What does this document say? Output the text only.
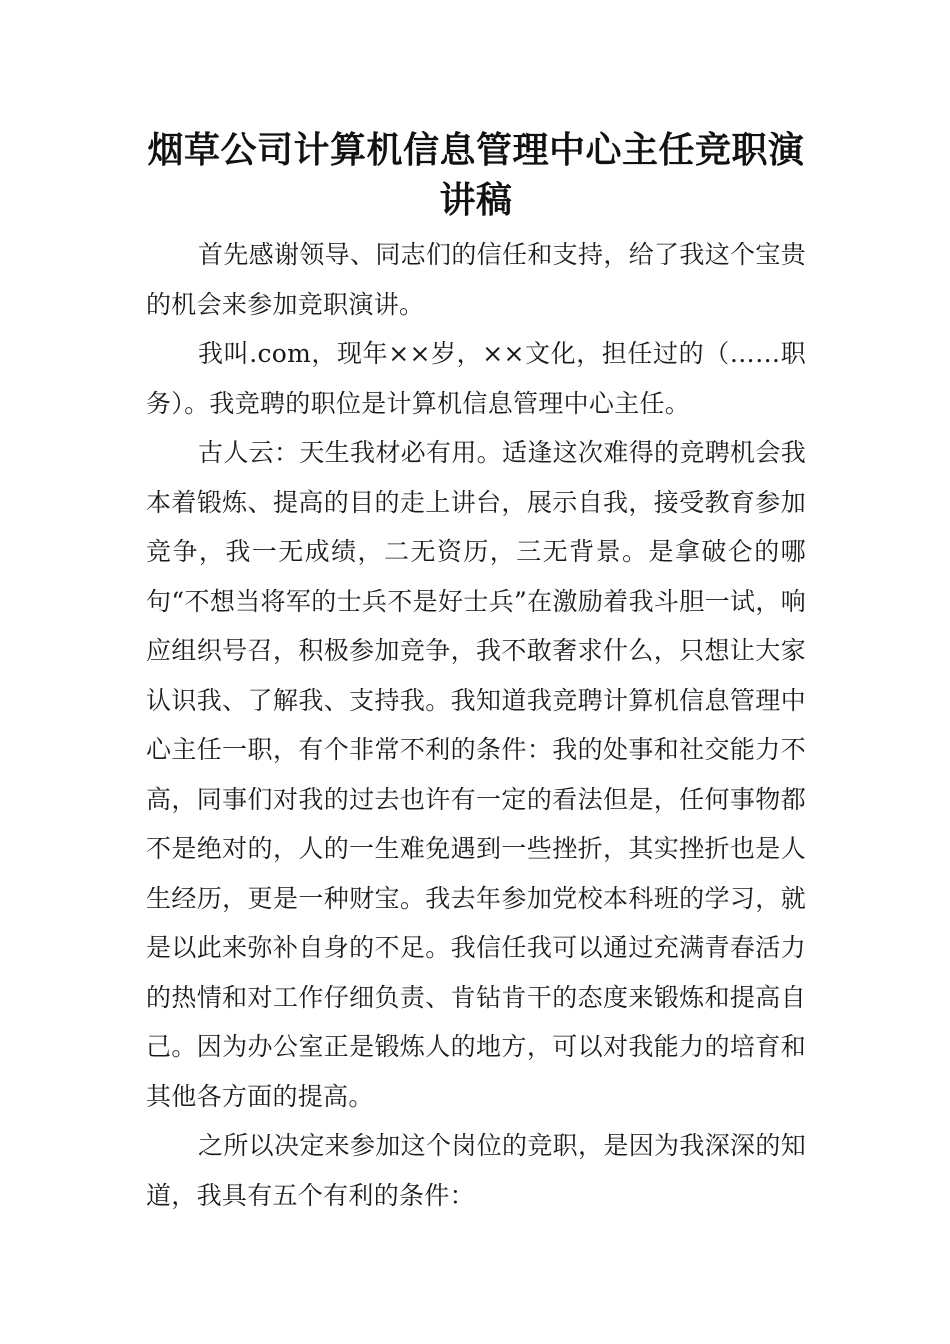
烟草公司计算机信息管理中心主任竞职演讲稿

首先感谢领导、同志们的信任和支持，给了我这个宝贵的机会来参加竞职演讲。

我叫.com，现年××岁，××文化，担任过的（……职务）。我竞聘的职位是计算机信息管理中心主任。

古人云：天生我材必有用。适逢这次难得的竞聘机会我本着锻炼、提高的目的走上讲台，展示自我，接受教育参加竞争，我一无成绩，二无资历，三无背景。是拿破仑的哪句“不想当将军的士兵不是好士兵”在激励着我斗胆一试，响应组织号召，积极参加竞争，我不敢奢求什么，只想让大家认识我、了解我、支持我。我知道我竞聘计算机信息管理中心主任一职，有个非常不利的条件：我的处事和社交能力不高，同事们对我的过去也许有一定的看法但是，任何事物都不是绝对的，人的一生难免遇到一些挫折，其实挫折也是人生经历，更是一种财宝。我去年参加党校本科班的学习，就是以此来弥补自身的不足。我信任我可以通过充满青春活力的热情和对工作仔细负责、肯钻肯干的态度来锻炼和提高自己。因为办公室正是锻炼人的地方，可以对我能力的培育和其他各方面的提高。

之所以决定来参加这个岗位的竞职，是因为我深深的知道，我具有五个有利的条件：
